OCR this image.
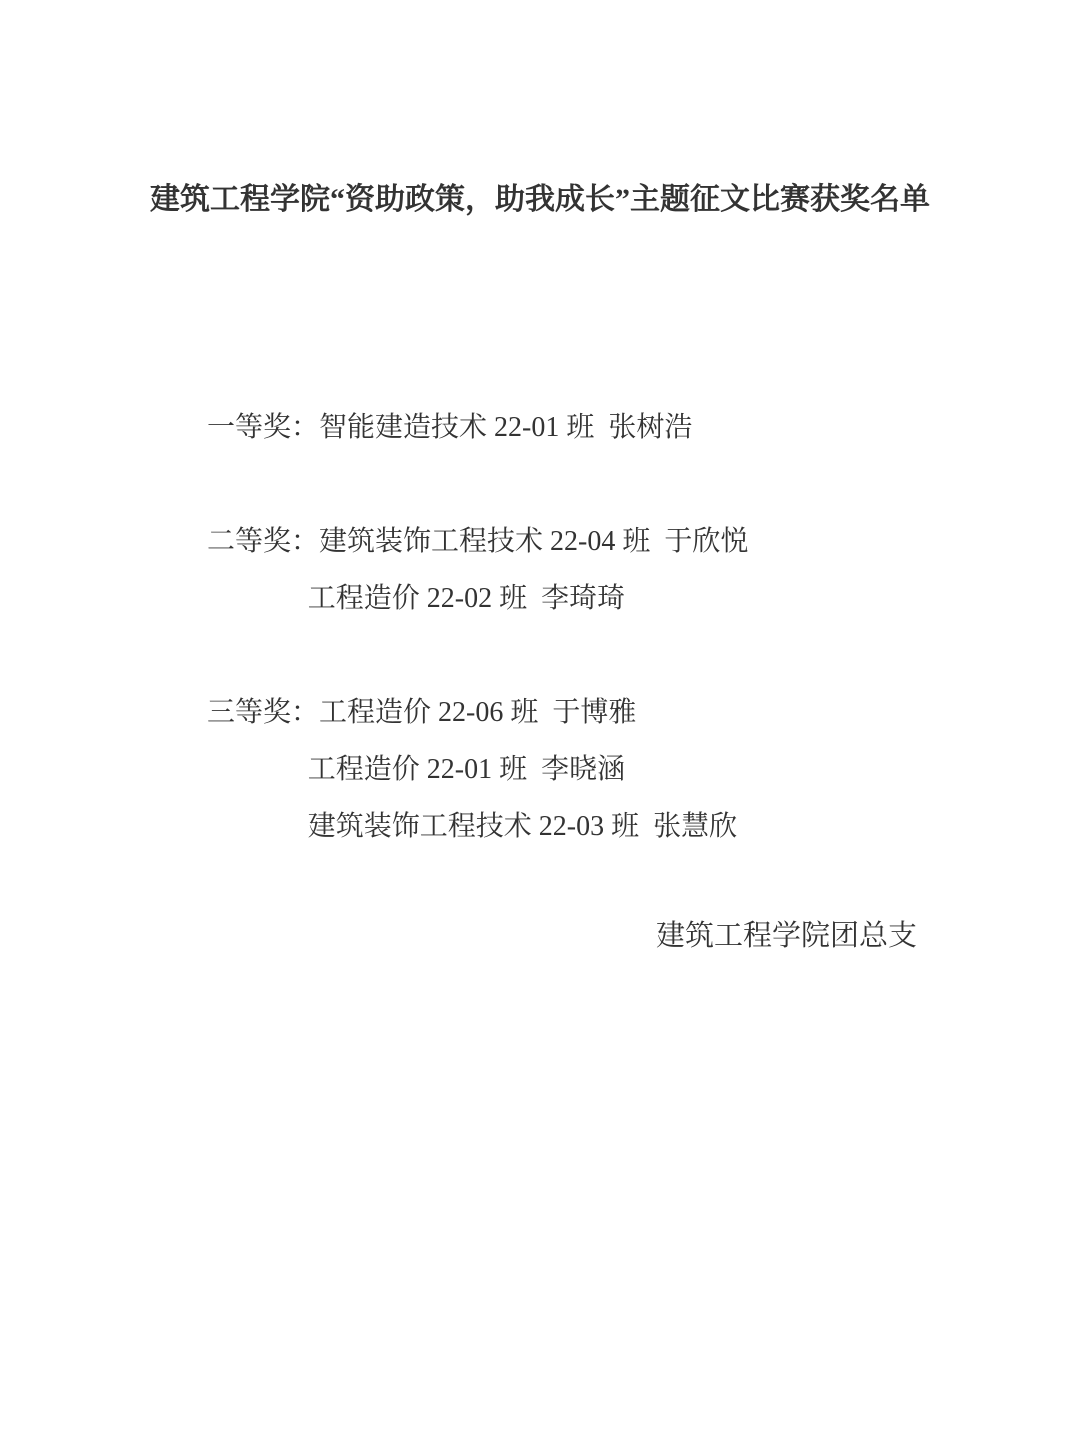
建筑工程学院“资助政策，助我成长”主题征文比赛获奖名单

一等奖：智能建造技术 22-01 班  张树浩

二等奖：建筑装饰工程技术 22-04 班  于欣悦

工程造价 22-02 班  李琦琦

三等奖：工程造价 22-06 班  于博雅

工程造价 22-01 班  李晓涵

建筑装饰工程技术 22-03 班  张慧欣

建筑工程学院团总支
